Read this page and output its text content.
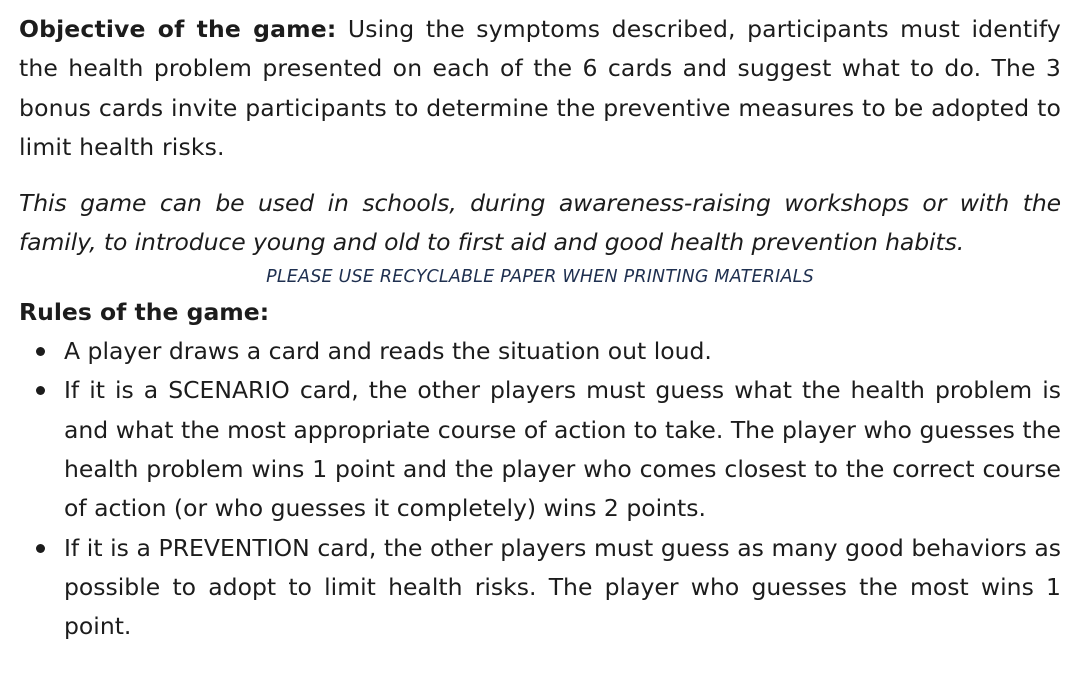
Objective of the game: Using the symptoms described, participants must identify the health problem presented on each of the 6 cards and suggest what to do. The 3 bonus cards invite participants to determine the preventive measures to be adopted to limit health risks.

This game can be used in schools, during awareness-raising workshops or with the family, to introduce young and old to first aid and good health prevention habits.

PLEASE USE RECYCLABLE PAPER WHEN PRINTING MATERIALS

Rules of the game:
A player draws a card and reads the situation out loud.
If it is a SCENARIO card, the other players must guess what the health problem is and what the most appropriate course of action to take. The player who guesses the health problem wins 1 point and the player who comes closest to the correct course of action (or who guesses it completely) wins 2 points.
If it is a PREVENTION card, the other players must guess as many good behaviors as possible to adopt to limit health risks. The player who guesses the most wins 1 point.
